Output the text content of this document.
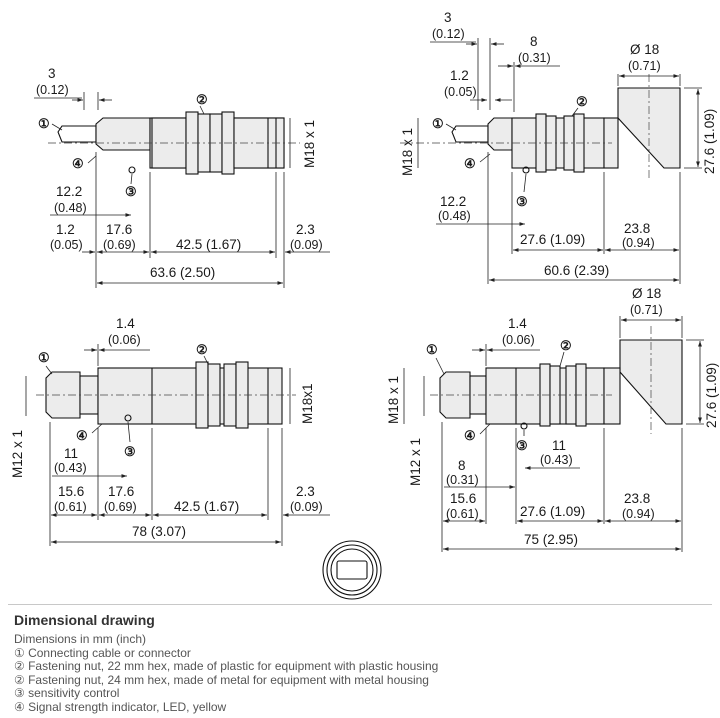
①
②
④
③
3
(0.12)
M18 x 1
12.2
(0.48)
1.2
(0.05)
17.6
(0.69)	42.5 (1.67)
2.3
(0.09)
63.6 (2.50)
①
②
④
③
3
(0.12)	8
(0.31)
1.2
(0.05)
Ø 18
(0.71)
27.6 (1.09)
M18 x 1
12.2
(0.48)
27.6 (1.09)
23.8
(0.94)
60.6 (2.39)
①
②
④
③
1.4
(0.06)
M18x1
M12 x 1	11
(0.43)
15.6
(0.61)
17.6
(0.69)	42.5 (1.67)
2.3
(0.09)
78 (3.07)
①	②
④
③
1.4
(0.06)
Ø 18
(0.71)
27.6 (1.09)
M18 x 1
M12 x 1	11
(0.43)
8
(0.31)
15.6
(0.61)	27.6 (1.09)
23.8
(0.94)
75 (2.95)
Dimensional drawing
Dimensions in mm (inch)
① Connecting cable or connector
② Fastening nut, 22 mm hex, made of plastic for equipment with plastic housing
② Fastening nut, 24 mm hex, made of metal for equipment with metal housing
③ sensitivity control
④ Signal strength indicator, LED, yellow
